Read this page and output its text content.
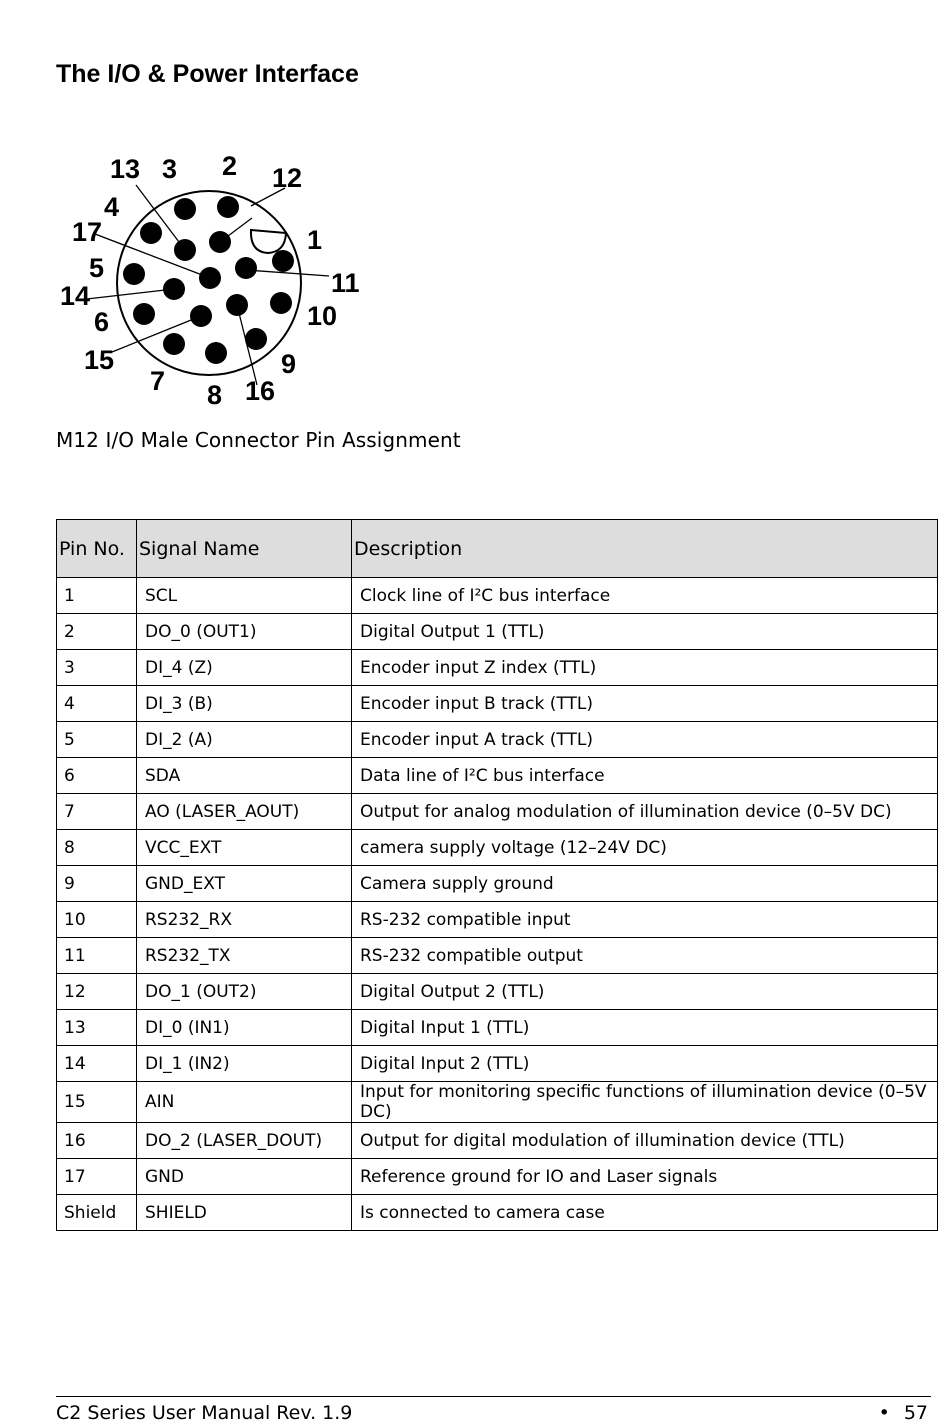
The I/O & Power Interface
13 3 2 12
4
17	1
5	11
14
10
6
15	9
7 8 16
M12 I/O Male Connector Pin Assignment
Pin No.	Signal Name	Description
1	SCL	Clock line of I²C bus interface
2	DO_0 (OUT1)	Digital Output 1 (TTL)
3	DI_4 (Z)	Encoder input Z index (TTL)
4	DI_3 (B)	Encoder input B track (TTL)
5	DI_2 (A)	Encoder input A track (TTL)
6	SDA	Data line of I²C bus interface
7	AO (LASER_AOUT)	Output for analog modulation of illumination device (0–5V DC)
8	VCC_EXT	camera supply voltage (12–24V DC)
9	GND_EXT	Camera supply ground
10	RS232_RX	RS-232 compatible input
11	RS232_TX	RS-232 compatible output
12	DO_1 (OUT2)	Digital Output 2 (TTL)
13	DI_0 (IN1)	Digital Input 1 (TTL)
14	DI_1 (IN2)	Digital Input 2 (TTL)
15	AIN	Input for monitoring specific functions of illumination device (0–5V DC)
16	DO_2 (LASER_DOUT)	Output for digital modulation of illumination device (TTL)
17	GND	Reference ground for IO and Laser signals
Shield	SHIELD	Is connected to camera case
C2 Series User Manual Rev. 1.9	• 57
